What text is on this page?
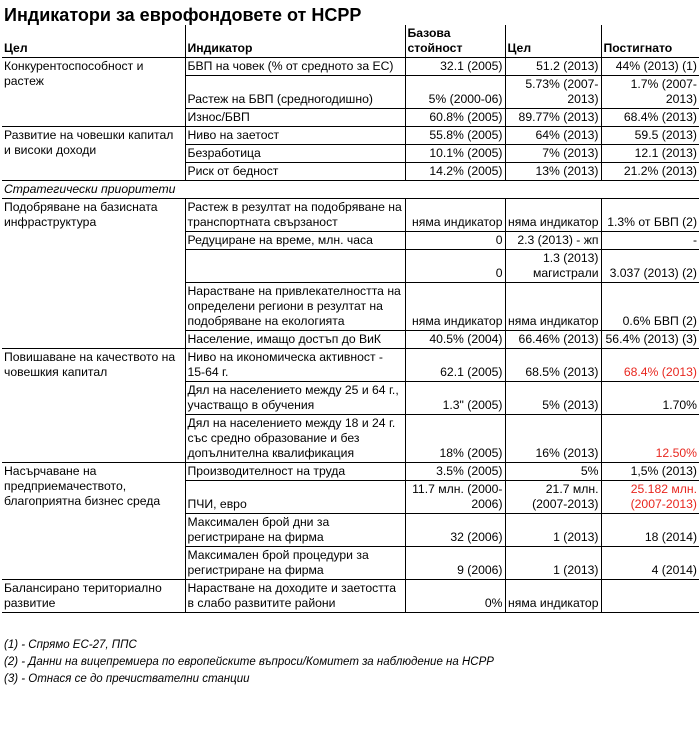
Индикатори за еврофондовете от НСРР
Цел	Индикатор	Базова стойност	Цел	Постигнато
Конкурентоспособност и растеж	БВП на човек (% от средното за ЕС)	32.1 (2005)	51.2 (2013)	44% (2013) (1)
	Растеж на БВП (средногодишно)	5% (2000-06)	5.73% (2007-2013)	1.7% (2007-2013)
	Износ/БВП	60.8% (2005)	89.77% (2013)	68.4% (2013)
Развитие на човешки капитал и високи доходи	Ниво на заетост	55.8% (2005)	64% (2013)	59.5 (2013)
	Безработица	10.1% (2005)	7% (2013)	12.1 (2013)
	Риск от бедност	14.2% (2005)	13% (2013)	21.2% (2013)
Стратегически приоритети				
Подобряване на базисната инфраструктура	Растеж в резултат на подобряване на транспортната свързаност	няма индикатор	няма индикатор	1.3% от БВП (2)
	Редуциране на време, млн. часа	0	2.3 (2013) - жп	-
		0	1.3 (2013) магистрали	3.037 (2013) (2)
	Нарастване на привлекателността на определени региони в резултат на подобряване на екологията	няма индикатор	няма индикатор	0.6% БВП (2)
	Население, имащо достъп до ВиК	40.5% (2004)	66.46% (2013)	56.4% (2013) (3)
Повишаване на качеството на човешкия капитал	Ниво на икономическа активност - 15-64 г.	62.1 (2005)	68.5% (2013)	68.4% (2013)
	Дял на населението между 25 и 64 г., участващо в обучения	1.3" (2005)	5% (2013)	1.70%
	Дял на населението между 18 и 24 г. със средно образование и без допълнителна квалификация	18% (2005)	16% (2013)	12.50%
Насърчаване на предприемачеството, благоприятна бизнес среда	Производителност на труда	3.5% (2005)	5%	1,5% (2013)
	ПЧИ, евро	11.7 млн. (2000-2006)	21.7 млн. (2007-2013)	25.182 млн. (2007-2013)
	Максимален брой дни за регистриране на фирма	32 (2006)	1 (2013)	18 (2014)
	Максимален брой процедури за регистриране на фирма	9 (2006)	1 (2013)	4 (2014)
Балансирано териториално развитие	Нарастване на доходите и заетостта в слабо развитите райони	0%	няма индикатор	
(1) - Спрямо ЕС-27, ППС
(2) - Данни на вицепремиера по европейските въпроси/Комитет за наблюдение на НСРР
(3) - Отнася се до пречиствателни станции
